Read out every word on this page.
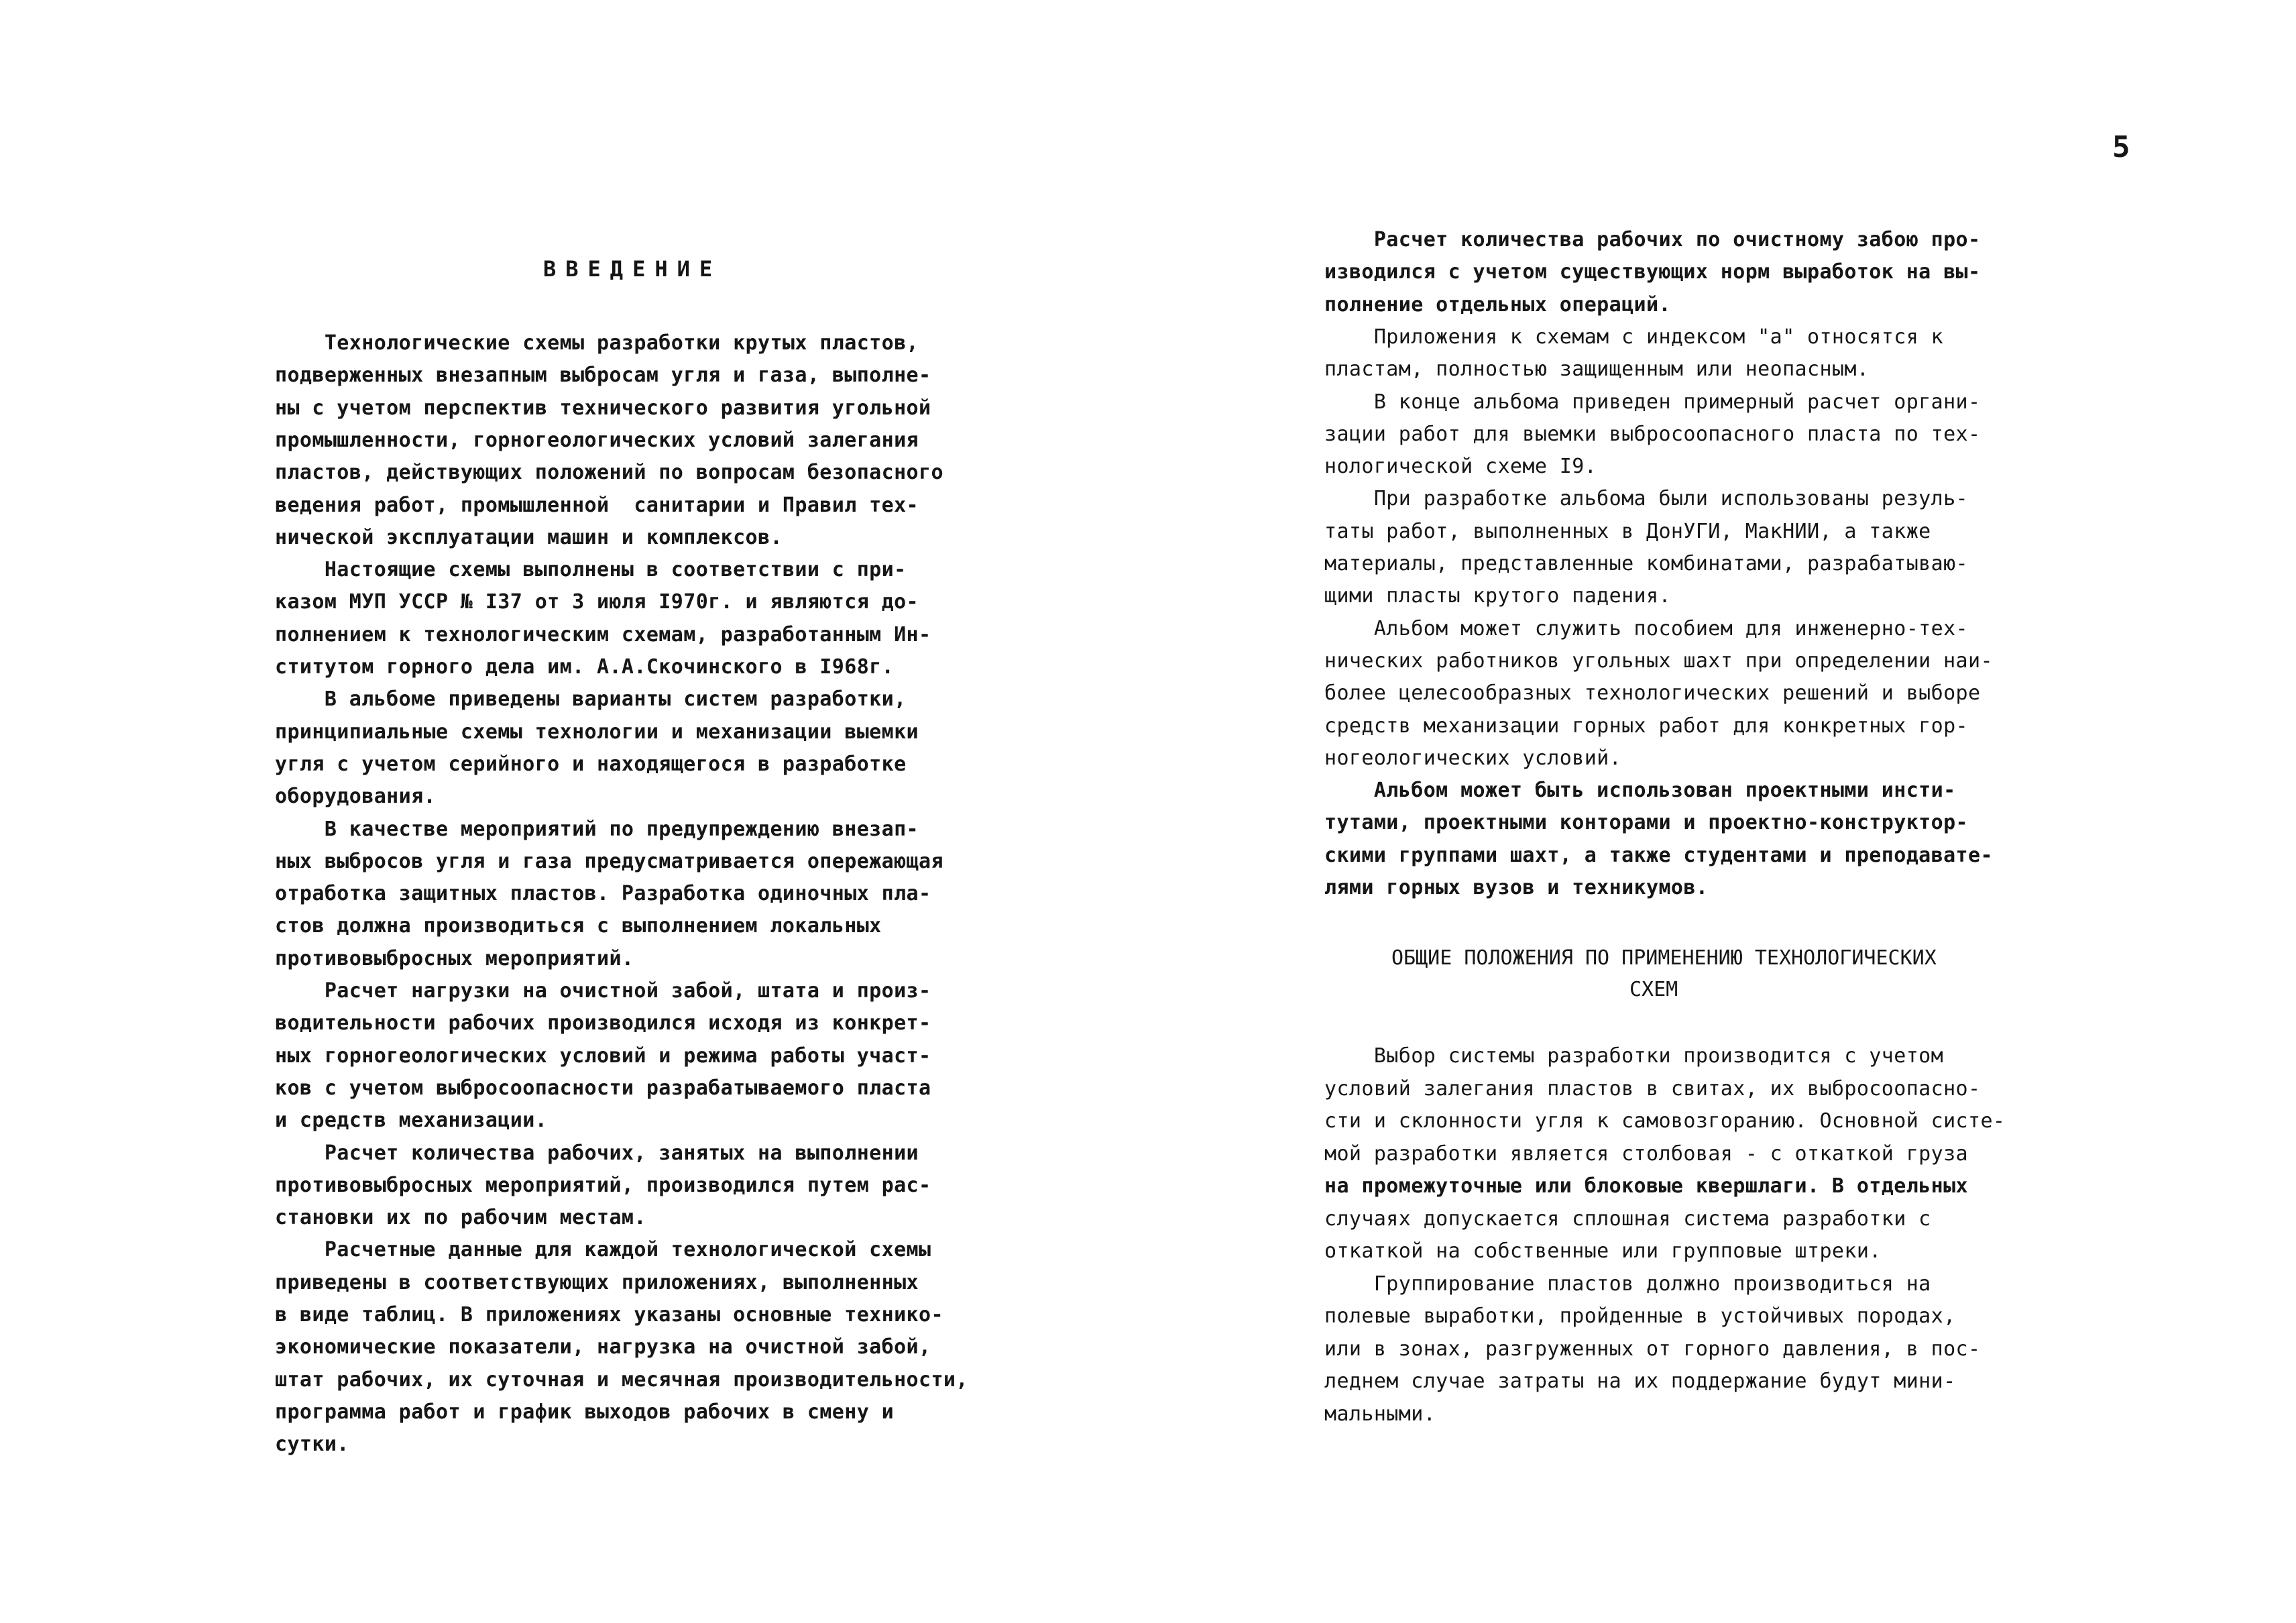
5
ВВЕДЕНИЕ
Технологические схемы разработки крутых пластов,
подверженных внезапным выбросам угля и газа, выполне-
ны с учетом перспектив технического развития угольной
промышленности, горногеологических условий залегания
пластов, действующих положений по вопросам безопасного
ведения работ, промышленной  санитарии и Правил тех-
нической эксплуатации машин и комплексов.
Настоящие схемы выполнены в соответствии с при-
казом МУП УССР № I37 от 3 июля I970г. и являются до-
полнением к технологическим схемам, разработанным Ин-
ститутом горного дела им. А.А.Скочинского в I968г.
В альбоме приведены варианты систем разработки,
принципиальные схемы технологии и механизации выемки
угля с учетом серийного и находящегося в разработке
оборудования.
В качестве мероприятий по предупреждению внезап-
ных выбросов угля и газа предусматривается опережающая
отработка защитных пластов. Разработка одиночных пла-
стов должна производиться с выполнением локальных
противовыбросных мероприятий.
Расчет нагрузки на очистной забой, штата и произ-
водительности рабочих производился исходя из конкрет-
ных горногеологических условий и режима работы участ-
ков с учетом выбросоопасности разрабатываемого пласта
и средств механизации.
Расчет количества рабочих, занятых на выполнении
противовыбросных мероприятий, производился путем рас-
становки их по рабочим местам.
Расчетные данные для каждой технологической схемы
приведены в соответствующих приложениях, выполненных
в виде таблиц. В приложениях указаны основные технико-
экономические показатели, нагрузка на очистной забой,
штат рабочих, их суточная и месячная производительности,
программа работ и график выходов рабочих в смену и
сутки.
Расчет количества рабочих по очистному забою про-
изводился с учетом существующих норм выработок на вы-
полнение отдельных операций.
Приложения к схемам с индексом "а" относятся к
пластам, полностью защищенным или неопасным.
В конце альбома приведен примерный расчет органи-
зации работ для выемки выбросоопасного пласта по тех-
нологической схеме I9.
При разработке альбома были использованы резуль-
таты работ, выполненных в ДонУГИ, МакНИИ, а также
материалы, представленные комбинатами, разрабатываю-
щими пласты крутого падения.
Альбом может служить пособием для инженерно-тех-
нических работников угольных шахт при определении наи-
более целесообразных технологических решений и выборе
средств механизации горных работ для конкретных гор-
ногеологических условий.
Альбом может быть использован проектными инсти-
тутами, проектными конторами и проектно-конструктор-
скими группами шахт, а также студентами и преподавате-
лями горных вузов и техникумов.
ОБЩИЕ ПОЛОЖЕНИЯ ПО ПРИМЕНЕНИЮ ТЕХНОЛОГИЧЕСКИХ
СХЕМ
Выбор системы разработки производится с учетом
условий залегания пластов в свитах, их выбросоопасно-
сти и склонности угля к самовозгоранию. Основной систе-
мой разработки является столбовая - с откаткой груза
на промежуточные или блоковые квершлаги. В отдельных
случаях допускается сплошная система разработки с
откаткой на собственные или групповые штреки.
Группирование пластов должно производиться на
полевые выработки, пройденные в устойчивых породах,
или в зонах, разгруженных от горного давления, в пос-
леднем случае затраты на их поддержание будут мини-
мальными.
